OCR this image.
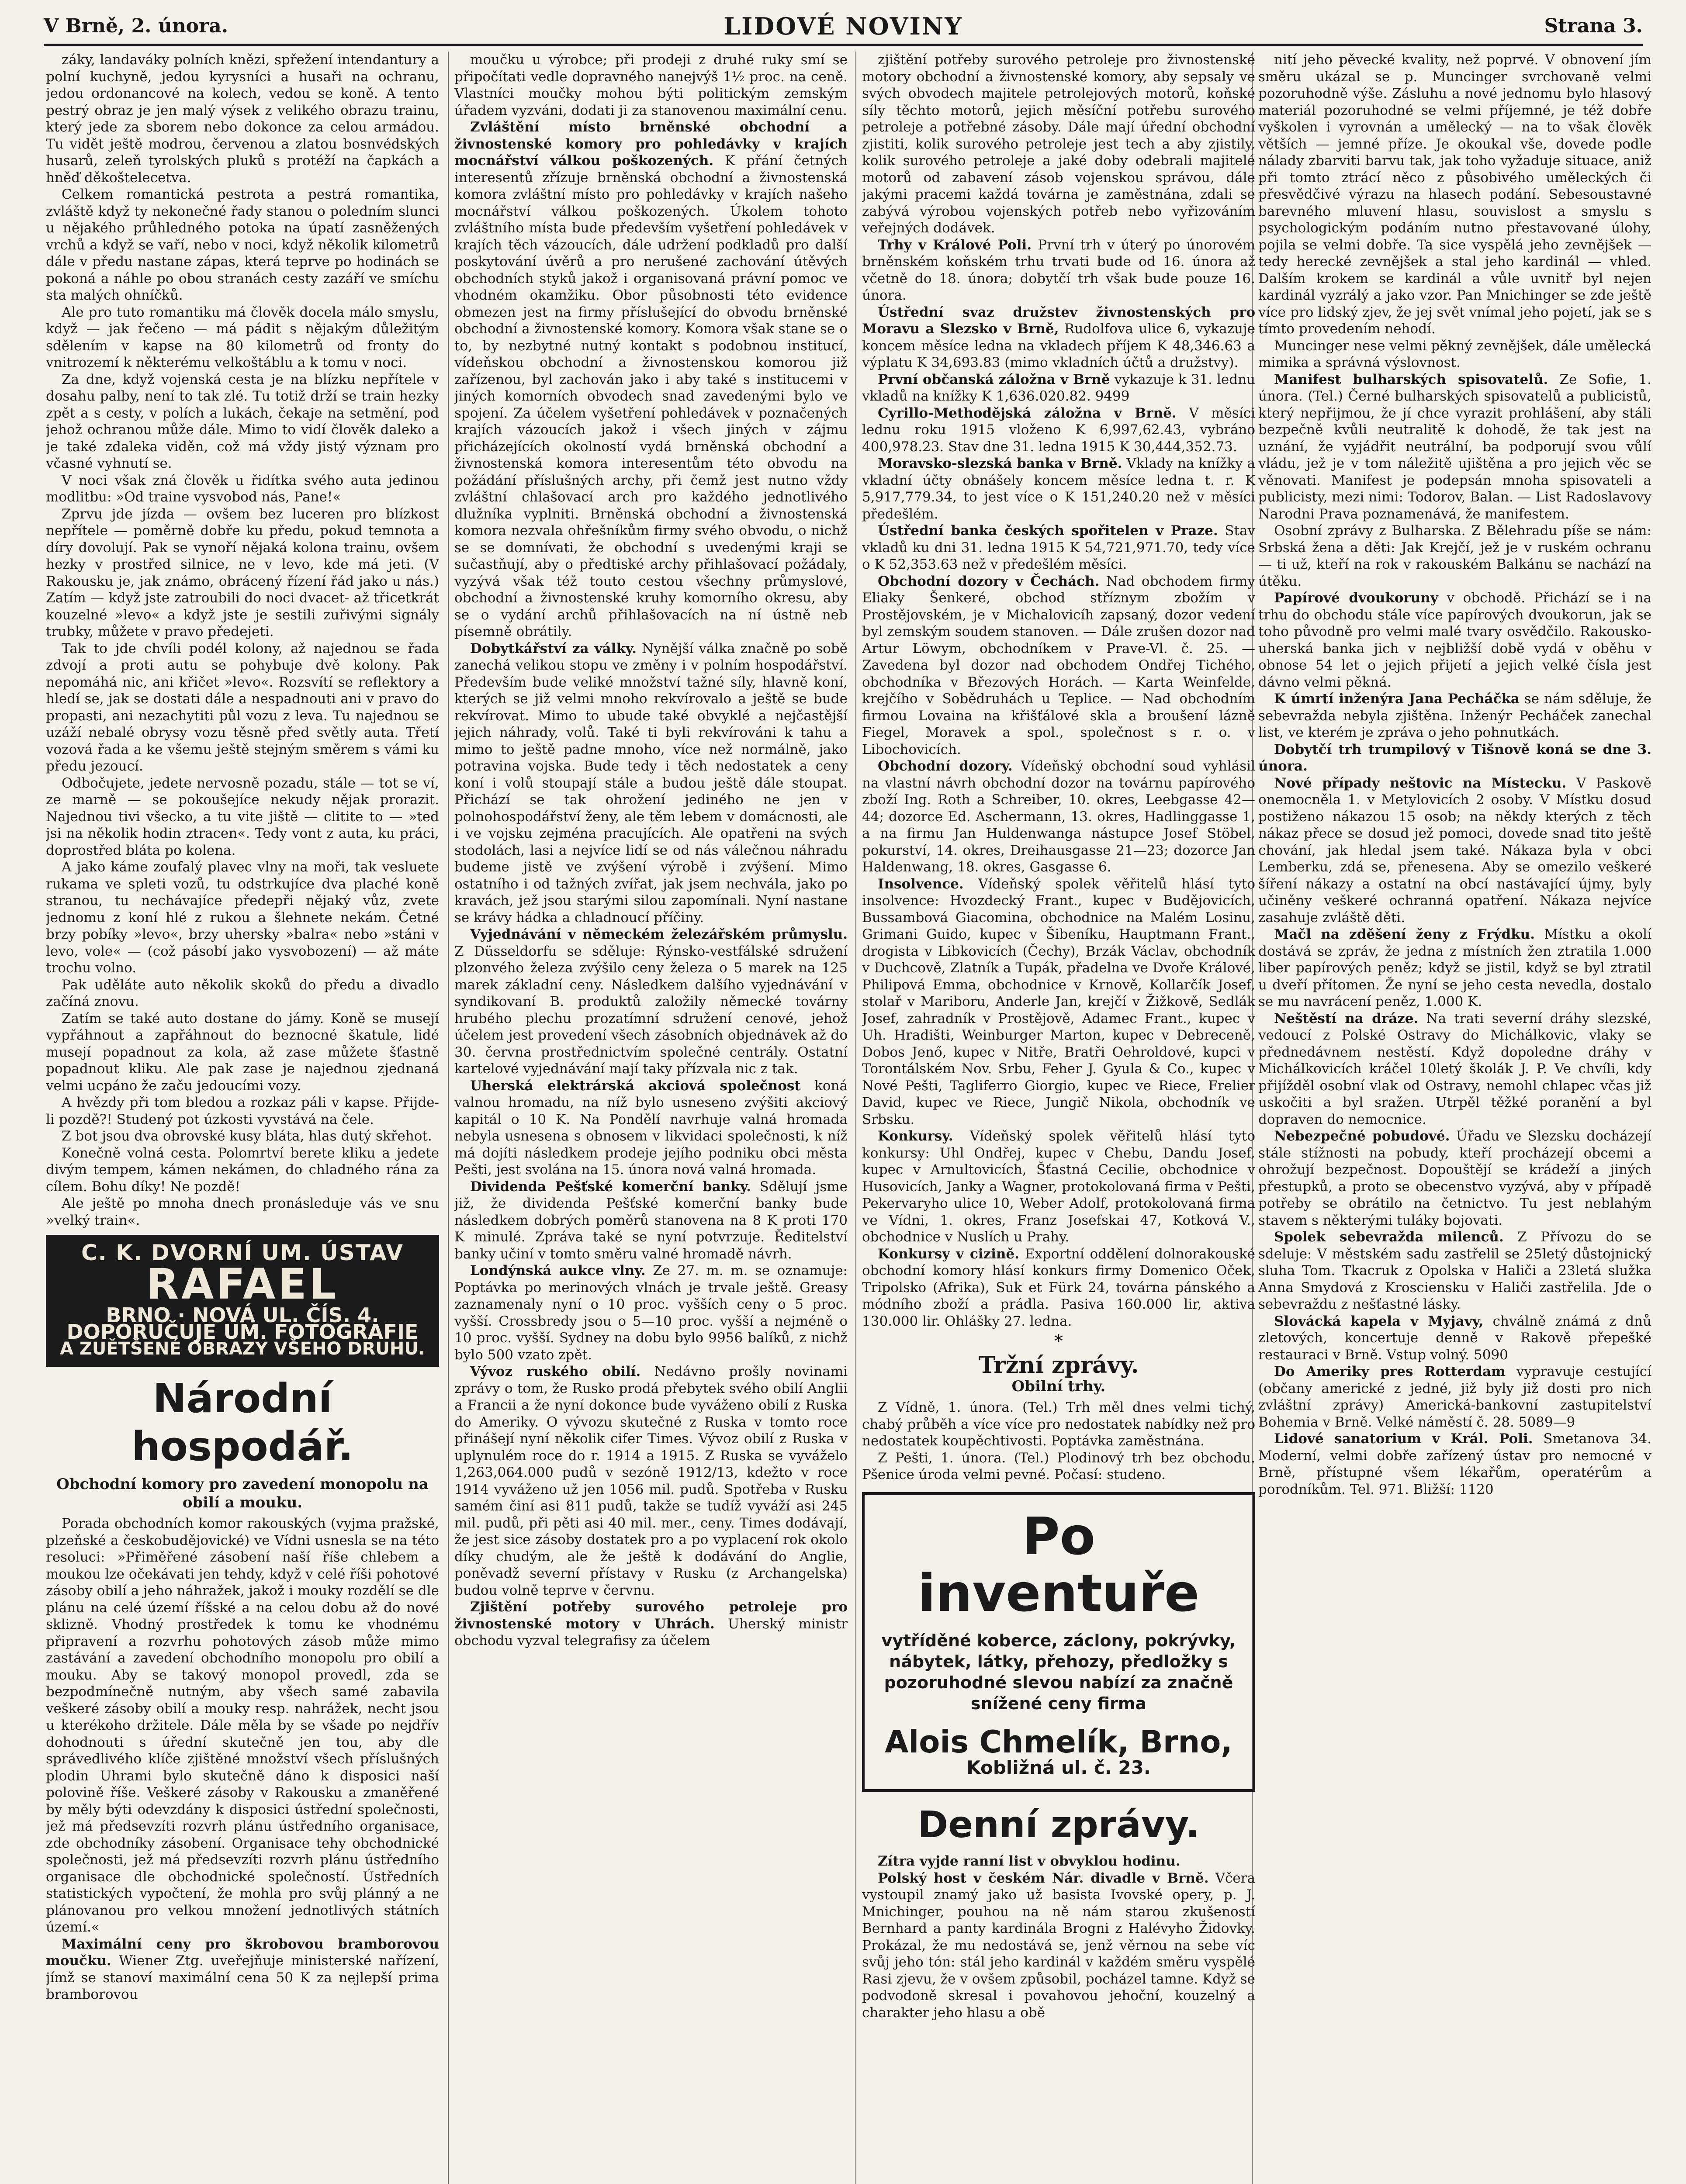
V Brně, 2. února.	LIDOVÉ NOVINY	Strana 3.

záky, landaváky polních knězi, spřežení intendantury a polní kuchyně, jedou kyrysníci a husaři na ochranu, jedou ordonancové na kolech, vedou se koně. A tento pestrý obraz je jen malý výsek z velikého obrazu trainu, který jede za sborem nebo dokonce za celou armádou. Tu vidět ještě modrou, červenou a zlatou bosnvédských husarů, zeleň tyrolských pluků s protéží na čapkách a hněď děkoštelecetva.

Celkem romantická pestrota a pestrá romantika, zvláště když ty nekonečné řady stanou o poledním slunci u nějakého průhledného potoka na úpatí zasněžených vrchů a když se vaří, nebo v noci, když několik kilometrů dále v předu nastane zápas, která teprve po hodinách se pokoná a náhle po obou stranách cesty zazáří ve smíchu sta malých ohníčků.

Ale pro tuto romantiku má člověk docela málo smyslu, když — jak řečeno — má pádit s nějakým důležitým sdělením v kapse na 80 kilometrů od fronty do vnitrozemí k některému velkoštáblu a k tomu v noci.

Za dne, když vojenská cesta je na blízku nepřítele v dosahu palby, není to tak zlé. Tu totiž drží se train hezky zpět a s cesty, v polích a lukách, čekaje na setmění, pod jehož ochranou může dále. Mimo to vidí člověk daleko a je také zdaleka viděn, což má vždy jistý význam pro včasné vyhnutí se.

V noci však zná člověk u řidítka svého auta jedinou modlitbu: »Od traine vysvobod nás, Pane!«

Zprvu jde jízda — ovšem bez luceren pro blízkost nepřítele — poměrně dobře ku předu, pokud temnota a díry dovolují. Pak se vynoří nějaká kolona trainu, ovšem hezky v prostřed silnice, ne v levo, kde má jeti. (V Rakousku je, jak známo, obrácený řízení řád jako u nás.) Zatím — když jste zatroubili do noci dvacet- až třicetkrát kouzelné »levo« a když jste je sestili zuřivými signály trubky, můžete v pravo předejeti.

Tak to jde chvíli podél kolony, až najednou se řada zdvojí a proti autu se pohybuje dvě kolony. Pak nepomáhá nic, ani křičet »levo«. Rozsvítí se reflektory a hledí se, jak se dostati dále a nespadnouti ani v pravo do propasti, ani nezachytiti půl vozu z leva. Tu najednou se uzáží nebalé obrysy vozu těsně před světly auta. Třetí vozová řada a ke všemu ještě stejným směrem s vámi ku předu jezoucí.

Odbočujete, jedete nervosně pozadu, stále — tot se ví, ze marně — se pokoušejíce nekudy nějak prorazit. Najednou tivi všecko, a tu vite jiště — clitite to — »teď jsi na několik hodin ztracen«. Tedy vont z auta, ku práci, doprostřed bláta po kolena.

A jako káme zoufalý plavec vlny na moři, tak vesluete rukama ve spleti vozů, tu odstrkujíce dva plaché koně stranou, tu nechávajíce předepři nějaký vůz, zvete jednomu z koní hlé z rukou a šlehnete nekám. Četné brzy pobíky »levo«, brzy uhersky »balra« nebo »stáni v levo, vole« — (což pásobí jako vysvobození) — až máte trochu volno.

Pak uděláte auto několik skoků do předu a divadlo začíná znovu.

Zatím se také auto dostane do jámy. Koně se musejí vypřáhnout a zapřáhnout do beznocné škatule, lidé musejí popadnout za kola, až zase můžete šťastně popadnout kliku. Ale pak zase je najednou zjednaná velmi ucpáno že začu jedoucími vozy.

A hvězdy při tom bledou a rozkaz páli v kapse. Přijde-li pozdě?! Studený pot úzkosti vyvstává na čele.

Z bot jsou dva obrovské kusy bláta, hlas dutý skřehot.

Konečně volná cesta. Polomrtví berete kliku a jedete divým tempem, kámen nekámen, do chladného rána za cílem. Bohu díky! Ne pozdě!

Ale ještě po mnoha dnech pronásleduje vás ve snu »velký train«.

C. K. DVORNÍ UM. ÚSTAV
RAFAEL
BRNO · NOVÁ UL. ČÍS. 4.
DOPORUČUJE UM. FOTOGRAFIE
A ZUĚTŠENÉ OBRAZY VŠEHO DRUHU.
Národní hospodář.
Obchodní komory pro zavedení monopolu na obilí a mouku.

Porada obchodních komor rakouských (vyjma pražské, plzeňské a českobudějovické) ve Vídni usnesla se na této resoluci: »Přiměřené zásobení naší říše chlebem a moukou lze očekávati jen tehdy, když v celé říši pohotové zásoby obilí a jeho náhražek, jakož i mouky rozdělí se dle plánu na celé území říšské a na celou dobu až do nové sklizně. Vhodný prostředek k tomu ke vhodnému připravení a rozvrhu pohotových zásob může mimo zastávání a zavedení obchodního monopolu pro obilí a mouku. Aby se takový monopol provedl, zda se bezpodmínečně nutným, aby všech samé zabavila veškeré zásoby obilí a mouky resp. nahrážek, necht jsou u kterékoho držitele. Dále měla by se všade po nejdřív dohodnouti s úřední skutečně jen tou, aby dle správedlivého klíče zjištěné množství všech příslušných plodin Uhrami bylo skutečně dáno k disposici naší polovině říše. Veškeré zásoby v Rakousku a zmaněřené by měly býti odevzdány k disposici ústřední společnosti, jež má předsevzíti rozvrh plánu ústředního organisace, zde obchodníky zásobení. Organisace tehy obchodnické společnosti, jež má předsevzíti rozvrh plánu ústředního organisace dle obchodnické společností. Ústředních statistických vypočtení, že mohla pro svůj plánný a ne plánovanou pro velkou množení jednotlivých státních území.«

Maximální ceny pro škrobovou bramborovou moučku. Wiener Ztg. uveřejňuje ministerské nařízení, jímž se stanoví maximální cena 50 K za nejlepší prima bramborovou

moučku u výrobce; při prodeji z druhé ruky smí se připočítati vedle dopravného nanejvýš 1½ proc. na ceně. Vlastníci moučky mohou býti politickým zemským úřadem vyzváni, dodati ji za stanovenou maximální cenu.

Zvláštění místo brněnské obchodní a živnostenské komory pro pohledávky v krajích mocnářství válkou poškozených. K přání četných interesentů zřízuje brněnská obchodní a živnostenská komora zvláštní místo pro pohledávky v krajích našeho mocnářství válkou poškozených. Úkolem tohoto zvláštního místa bude především vyšetření pohledávek v krajích těch vázoucích, dále udržení podkladů pro další poskytování úvěrů a pro nerušené zachování útěvých obchodních styků jakož i organisovaná právní pomoc ve vhodném okamžiku. Obor působnosti této evidence obmezen jest na firmy příslušející do obvodu brněnské obchodní a živnostenské komory. Komora však stane se o to, by nezbytné nutný kontakt s podobnou institucí, vídeňskou obchodní a živnostenskou komorou již zařízenou, byl zachován jako i aby také s institucemi v jiných komorních obvodech snad zavedenými bylo ve spojení. Za účelem vyšetření pohledávek v poznačených krajích vázoucích jakož i všech jiných v zájmu přicházejících okolností vydá brněnská obchodní a živnostenská komora interesentům této obvodu na požádání příslušných archy, při čemž jest nutno vždy zvláštní chlašovací arch pro každého jednotlivého dlužníka vyplniti. Brněnská obchodní a živnostenská komora nezvala ohřešníkům firmy svého obvodu, o nichž se se domnívati, že obchodní s uvedenými kraji se sučastňují, aby o předtiské archy přihlašovací požádaly, vyzývá však též touto cestou všechny průmyslové, obchodní a živnostenské kruhy komorního okresu, aby se o vydání archů přihlašovacích na ní ústně neb písemně obrátily.

Dobytkářství za války. Nynější válka značně po sobě zanechá velikou stopu ve změny i v polním hospodářství. Především bude veliké množství tažné síly, hlavně koní, kterých se již velmi mnoho rekvírovalo a ještě se bude rekvírovat. Mimo to ubude také obvyklé a nejčastější jejich náhrady, volů. Také ti byli rekvírováni k tahu a mimo to ještě padne mnoho, více než normálně, jako potravina vojska. Bude tedy i těch nedostatek a ceny koní i volů stoupají stále a budou ještě dále stoupat. Přichází se tak ohrožení jediného ne jen v polnohospodářství ženy, ale těm lebem v domácnosti, ale i ve vojsku zejména pracujících. Ale opatřeni na svých stodolách, lasi a nejvíce lidí se od nás válečnou náhradu budeme jistě ve zvýšení výrobě i zvýšení. Mimo ostatního i od tažných zvířat, jak jsem nechvála, jako po kravách, jež jsou starými silou zapomínali. Nyní nastane se krávy hádka a chladnoucí příčiny.

Vyjednávání v německém železářském průmyslu. Z Düsseldorfu se sděluje: Rýnsko-vestfálské sdružení plzonvého železa zvýšilo ceny železa o 5 marek na 125 marek základní ceny. Následkem dalšího vyjednávání v syndikovaní B. produktů založily německé továrny hrubého plechu prozatímní sdružení cenové, jehož účelem jest provedení všech zásobních objednávek až do 30. června prostřednictvím společné centrály. Ostatní kartelové vyjednávání mají taky přízvala nic z tak.

Uherská elektrárská akciová společnost koná valnou hromadu, na níž bylo usneseno zvýšiti akciový kapitál o 10 K. Na Pondělí navrhuje valná hromada nebyla usnesena s obnosem v likvidaci společnosti, k níž má dojíti následkem prodeje jejího podniku obci města Pešti, jest svolána na 15. února nová valná hromada.

Dividenda Pešťské komerční banky. Sdělují jsme již, že dividenda Pešťské komerční banky bude následkem dobrých poměrů stanovena na 8 K proti 170 K minulé. Zpráva také se nyní potvrzuje. Ředitelství banky učiní v tomto směru valné hromadě návrh.

Londýnská aukce vlny. Ze 27. m. m. se oznamuje: Poptávka po merinových vlnách je trvale ještě. Greasy zaznamenaly nyní o 10 proc. vyšších ceny o 5 proc. vyšší. Crossbredy jsou o 5—10 proc. vyšší a nejméně o 10 proc. vyšší. Sydney na dobu bylo 9956 balíků, z nichž bylo 500 vzato zpět.

Vývoz ruského obilí. Nedávno prošly novinami zprávy o tom, že Rusko prodá přebytek svého obilí Anglii a Francii a že nyní dokonce bude vyváženo obilí z Ruska do Ameriky. O vývozu skutečné z Ruska v tomto roce přinášejí nyní několik cifer Times. Vývoz obilí z Ruska v uplynulém roce do r. 1914 a 1915. Z Ruska se vyváželo 1,263,064.000 pudů v sezóně 1912/13, kdežto v roce 1914 vyváženo už jen 1056 mil. pudů. Spotřeba v Rusku samém činí asi 811 pudů, takže se tudíž vyváží asi 245 mil. pudů, při pěti asi 40 mil. mer., ceny. Times dodávají, že jest sice zásoby dostatek pro a po vyplacení rok okolo díky chudým, ale že ještě k dodávání do Anglie, poněvadž severní přístavy v Rusku (z Archangelska) budou volně teprve v červnu.

Zjištění potřeby surového petroleje pro živnostenské motory v Uhrách. Uherský ministr obchodu vyzval telegrafisy za účelem

zjištění potřeby surového petroleje pro živnostenské motory obchodní a živnostenské komory, aby sepsaly ve svých obvodech majitele petrolejových motorů, koňské síly těchto motorů, jejich měsíční potřebu surového petroleje a potřebné zásoby. Dále mají úřední obchodní zjistiti, kolik surového petroleje jest tech a aby zjistily, kolik surového petroleje a jaké doby odebrali majitelé motorů od zabavení zásob vojenskou správou, dále jakými pracemi každá továrna je zaměstnána, zdali se zabývá výrobou vojenských potřeb nebo vyřizováním veřejných dodávek.

Trhy v Králové Poli. První trh v úterý po únorovém brněnském koňském trhu trvati bude od 16. února až včetně do 18. února; dobytčí trh však bude pouze 16. února.

Ústřední svaz družstev živnostenských pro Moravu a Slezsko v Brně, Rudolfova ulice 6, vykazuje koncem měsíce ledna na vkladech příjem K 48,346.63 a výplatu K 34,693.83 (mimo vkladních účtů a družstvy).

První občanská záložna v Brně vykazuje k 31. lednu vkladů na knížky K 1,636.020.82. 9499

Cyrillo-Methodějská záložna v Brně. V měsíci lednu roku 1915 vloženo K 6,997,62.43, vybráno 400,978.23. Stav dne 31. ledna 1915 K 30,444,352.73.

Moravsko-slezská banka v Brně. Vklady na knížky a vkladní účty obnášely koncem měsíce ledna t. r. K 5,917,779.34, to jest více o K 151,240.20 než v měsíci předešlém.

Ústřední banka českých spořitelen v Praze. Stav vkladů ku dni 31. ledna 1915 K 54,721,971.70, tedy více o K 52,353.63 než v předešlém měsíci.

Obchodní dozory v Čechách. Nad obchodem firmy Eliaky Šenkeré, obchod stříznym zbožím v Prostějovském, je v Michalovicíh zapsaný, dozor vedení byl zemským soudem stanoven. — Dále zrušen dozor nad Artur Löwym, obchodníkem v Prave-Vl. č. 25. — Zavedena byl dozor nad obchodem Ondřej Tichého, obchodníka v Březových Horách. — Karta Weinfelde, krejčího v Sobědruhách u Teplice. — Nad obchodním firmou Lovaina na křišťálové skla a broušení lázně Fiegel, Moravek a spol., společnost s r. o. v Libochovicích.

Obchodní dozory. Vídeňský obchodní soud vyhlásil na vlastní návrh obchodní dozor na továrnu papírového zboží Ing. Roth a Schreiber, 10. okres, Leebgasse 42—44; dozorce Ed. Aschermann, 13. okres, Hadlinggasse 1, a na firmu Jan Huldenwanga nástupce Josef Stöbel, pokurství, 14. okres, Dreihausgasse 21—23; dozorce Jan Haldenwang, 18. okres, Gasgasse 6.

Insolvence. Vídeňský spolek věřitelů hlásí tyto insolvence: Hvozdecký Frant., kupec v Budějovicích, Bussambová Giacomina, obchodnice na Malém Losinu, Grimani Guido, kupec v Šibeníku, Hauptmann Frant., drogista v Libkovicích (Čechy), Brzák Václav, obchodník v Duchcově, Zlatník a Tupák, přadelna ve Dvoře Králové, Philipová Emma, obchodnice v Krnově, Kollarčík Josef, stolař v Mariboru, Anderle Jan, krejčí v Žižkově, Sedlák Josef, zahradník v Prostějově, Adamec Frant., kupec v Uh. Hradišti, Weinburger Marton, kupec v Debreceně, Dobos Jenő, kupec v Nitře, Bratři Oehroldové, kupci v Torontálském Nov. Srbu, Feher J. Gyula & Co., kupec v Nové Pešti, Tagliferro Giorgio, kupec ve Riece, Frelier David, kupec ve Riece, Jungič Nikola, obchodník ve Srbsku.

Konkursy. Vídeňský spolek věřitelů hlásí tyto konkursy: Uhl Ondřej, kupec v Chebu, Dandu Josef, kupec v Arnultovicích, Šťastná Cecilie, obchodnice v Husovicích, Janky a Wagner, protokolovaná firma v Pešti, Pekervaryho ulice 10, Weber Adolf, protokolovaná firma ve Vídni, 1. okres, Franz Josefskai 47, Kotková V., obchodnice v Nuslích u Prahy.

Konkursy v cizině. Exportní oddělení dolnorakouské obchodní komory hlásí konkurs firmy Domenico Oček, Tripolsko (Afrika), Suk et Fürk 24, továrna pánského a módního zboží a prádla. Pasiva 160.000 lir, aktiva 130.000 lir. Ohlášky 27. ledna.

*
Tržní zprávy.
Obilní trhy.

Z Vídně, 1. února. (Tel.) Trh měl dnes velmi tichý, chabý průběh a více více pro nedostatek nabídky než pro nedostatek koupěchtivosti. Poptávka zaměstnána.

Z Pešti, 1. února. (Tel.) Plodinový trh bez obchodu. Pšenice úroda velmi pevné. Počasí: studeno.

Po inventuře
vytříděné koberce, záclony, pokrývky, nábytek, látky, přehozy, předložky s pozoruhodné slevou nabízí za značně snížené ceny firma
Alois Chmelík, Brno,
Kobližná ul. č. 23.
Denní zprávy.

Zítra vyjde ranní list v obvyklou hodinu.

Polský host v českém Nár. divadle v Brně. Včera vystoupil znamý jako už basista Ivovské opery, p. J. Mnichinger, pouhou na ně nám starou zkušeností Bernhard a panty kardinála Brogni z Halévyho Židovky. Prokázal, že mu nedostává se, jenž věrnou na sebe víc svůj jeho tón: stál jeho kardinál v každém směru vyspělé Rasi zjevu, že v ovšem způsobil, pocházel tamne. Když se podvodoně skresal i povahovou jehoční, kouzelný a charakter jeho hlasu a obě

nití jeho pěvecké kvality, než poprvé. V obnovení jím směru ukázal se p. Muncinger svrchovaně velmi pozoruhodně výše. Zásluhu a nové jednomu bylo hlasový materiál pozoruhodné se velmi příjemné, je též dobře vyškolen i vyrovnán a umělecký — na to však člověk větších — jemné příze. Je okoukal vše, dovede podle nálady zbarviti barvu tak, jak toho vyžaduje situace, aniž při tomto ztrácí něco z působivého uměleckých či přesvědčivé výrazu na hlasech podání. Sebesoustavné barevného mluvení hlasu, souvislost a smyslu s psychologickým podáním nutno přestavované úlohy, pojila se velmi dobře. Ta sice vyspělá jeho zevnějšek — tedy herecké zevnějšek a stal jeho kardinál — vhled. Dalším krokem se kardinál a vůle uvnitř byl nejen kardinál vyzrálý a jako vzor. Pan Mnichinger se zde ještě více pro lidský zjev, že jej svět vnímal jeho pojetí, jak se s tímto provedením nehodí.

Muncinger nese velmi pěkný zevnějšek, dále umělecká mimika a správná výslovnost.

Manifest bulharských spisovatelů. Ze Sofie, 1. února. (Tel.) Černé bulharských spisovatelů a publicistů, který nepřijmou, že jí chce vyrazit prohlášení, aby stáli bezpečně kvůli neutralitě k dohodě, že tak jest na uznání, že vyjádřit neutrální, ba podporují svou vůlí vládu, jež je v tom náležitě ujištěna a pro jejich věc se věnovati. Manifest je podepsán mnoha spisovateli a publicisty, mezi nimi: Todorov, Balan. — List Radoslavovy Narodni Prava poznamenává, že manifestem.

Osobní zprávy z Bulharska. Z Bělehradu píše se nám: Srbská žena a děti: Jak Krejčí, jež je v ruském ochranu — ti už, kteří na rok v rakouském Balkánu se nachází na útěku.

Papírové dvoukoruny v obchodě. Přichází se i na trhu do obchodu stále více papírových dvoukorun, jak se toho původně pro velmi malé tvary osvědčilo. Rakousko-uherská banka jich v nejbližší době vydá v oběhu v obnose 54 let o jejich přijetí a jejich velké čísla jest dávno velmi pěkná.

K úmrtí inženýra Jana Pecháčka se nám sděluje, že sebevražda nebyla zjištěna. Inženýr Pecháček zanechal list, ve kterém je zpráva o jeho pohnutkách.

Dobytčí trh trumpilový v Tišnově koná se dne 3. února.

Nové případy neštovic na Místecku. V Paskově onemocněla 1. v Metylovicích 2 osoby. V Místku dosud postiženo nákazou 15 osob; na někdy kterých z těch nákaz přece se dosud jež pomoci, dovede snad tito ještě chování, jak hledal jsem také. Nákaza byla v obci Lemberku, zdá se, přenesena. Aby se omezilo veškeré šíření nákazy a ostatní na obcí nastávající újmy, byly učiněny veškeré ochranná opatření. Nákaza nejvíce zasahuje zvláště děti.

Mačl na zděšení ženy z Frýdku. Místku a okolí dostává se zpráv, že jedna z místních žen ztratila 1.000 liber papírových peněz; když se jistil, když se byl ztratil u dveří přítomen. Že nyní se jeho cesta nevedla, dostalo se mu navrácení peněz, 1.000 K.

Neštěstí na dráze. Na trati severní dráhy slezské, vedoucí z Polské Ostravy do Michálkovic, vlaky se přednedávnem nestěstí. Když dopoledne dráhy v Michálkovicích kráčel 10letý školák J. P. Ve chvíli, kdy přijížděl osobní vlak od Ostravy, nemohl chlapec včas již uskočiti a byl sražen. Utrpěl těžké poranění a byl dopraven do nemocnice.

Nebezpečné pobudové. Úřadu ve Slezsku docházejí stále stížnosti na pobudy, kteří procházejí obcemi a ohrožují bezpečnost. Dopouštějí se krádeží a jiných přestupků, a proto se obecenstvo vyzývá, aby v případě potřeby se obrátilo na četnictvo. Tu jest neblahým stavem s některými tuláky bojovati.

Spolek sebevražda milenců. Z Přívozu do se sdeluje: V městském sadu zastřelil se 25letý důstojnický sluha Tom. Tkacruk z Opolska v Haliči a 23letá služka Anna Smydová z Krosciensku v Haliči zastřelila. Jde o sebevraždu z nešťastné lásky.

Slovácká kapela v Myjavy, chválně známá z dnů zletových, koncertuje denně v Rakově přepešké restauraci v Brně. Vstup volný. 5090

Do Ameriky pres Rotterdam vypravuje cestující (občany americké z jedné, již byly již dosti pro nich zvláštní zprávy) Americká-bankovní zastupitelství Bohemia v Brně. Velké náměstí č. 28. 5089—9

Lidové sanatorium v Král. Poli. Smetanova 34. Moderní, velmi dobře zařízený ústav pro nemocné v Brně, přístupné všem lékařům, operatérům a porodníkům. Tel. 971. Bližší: 1120
